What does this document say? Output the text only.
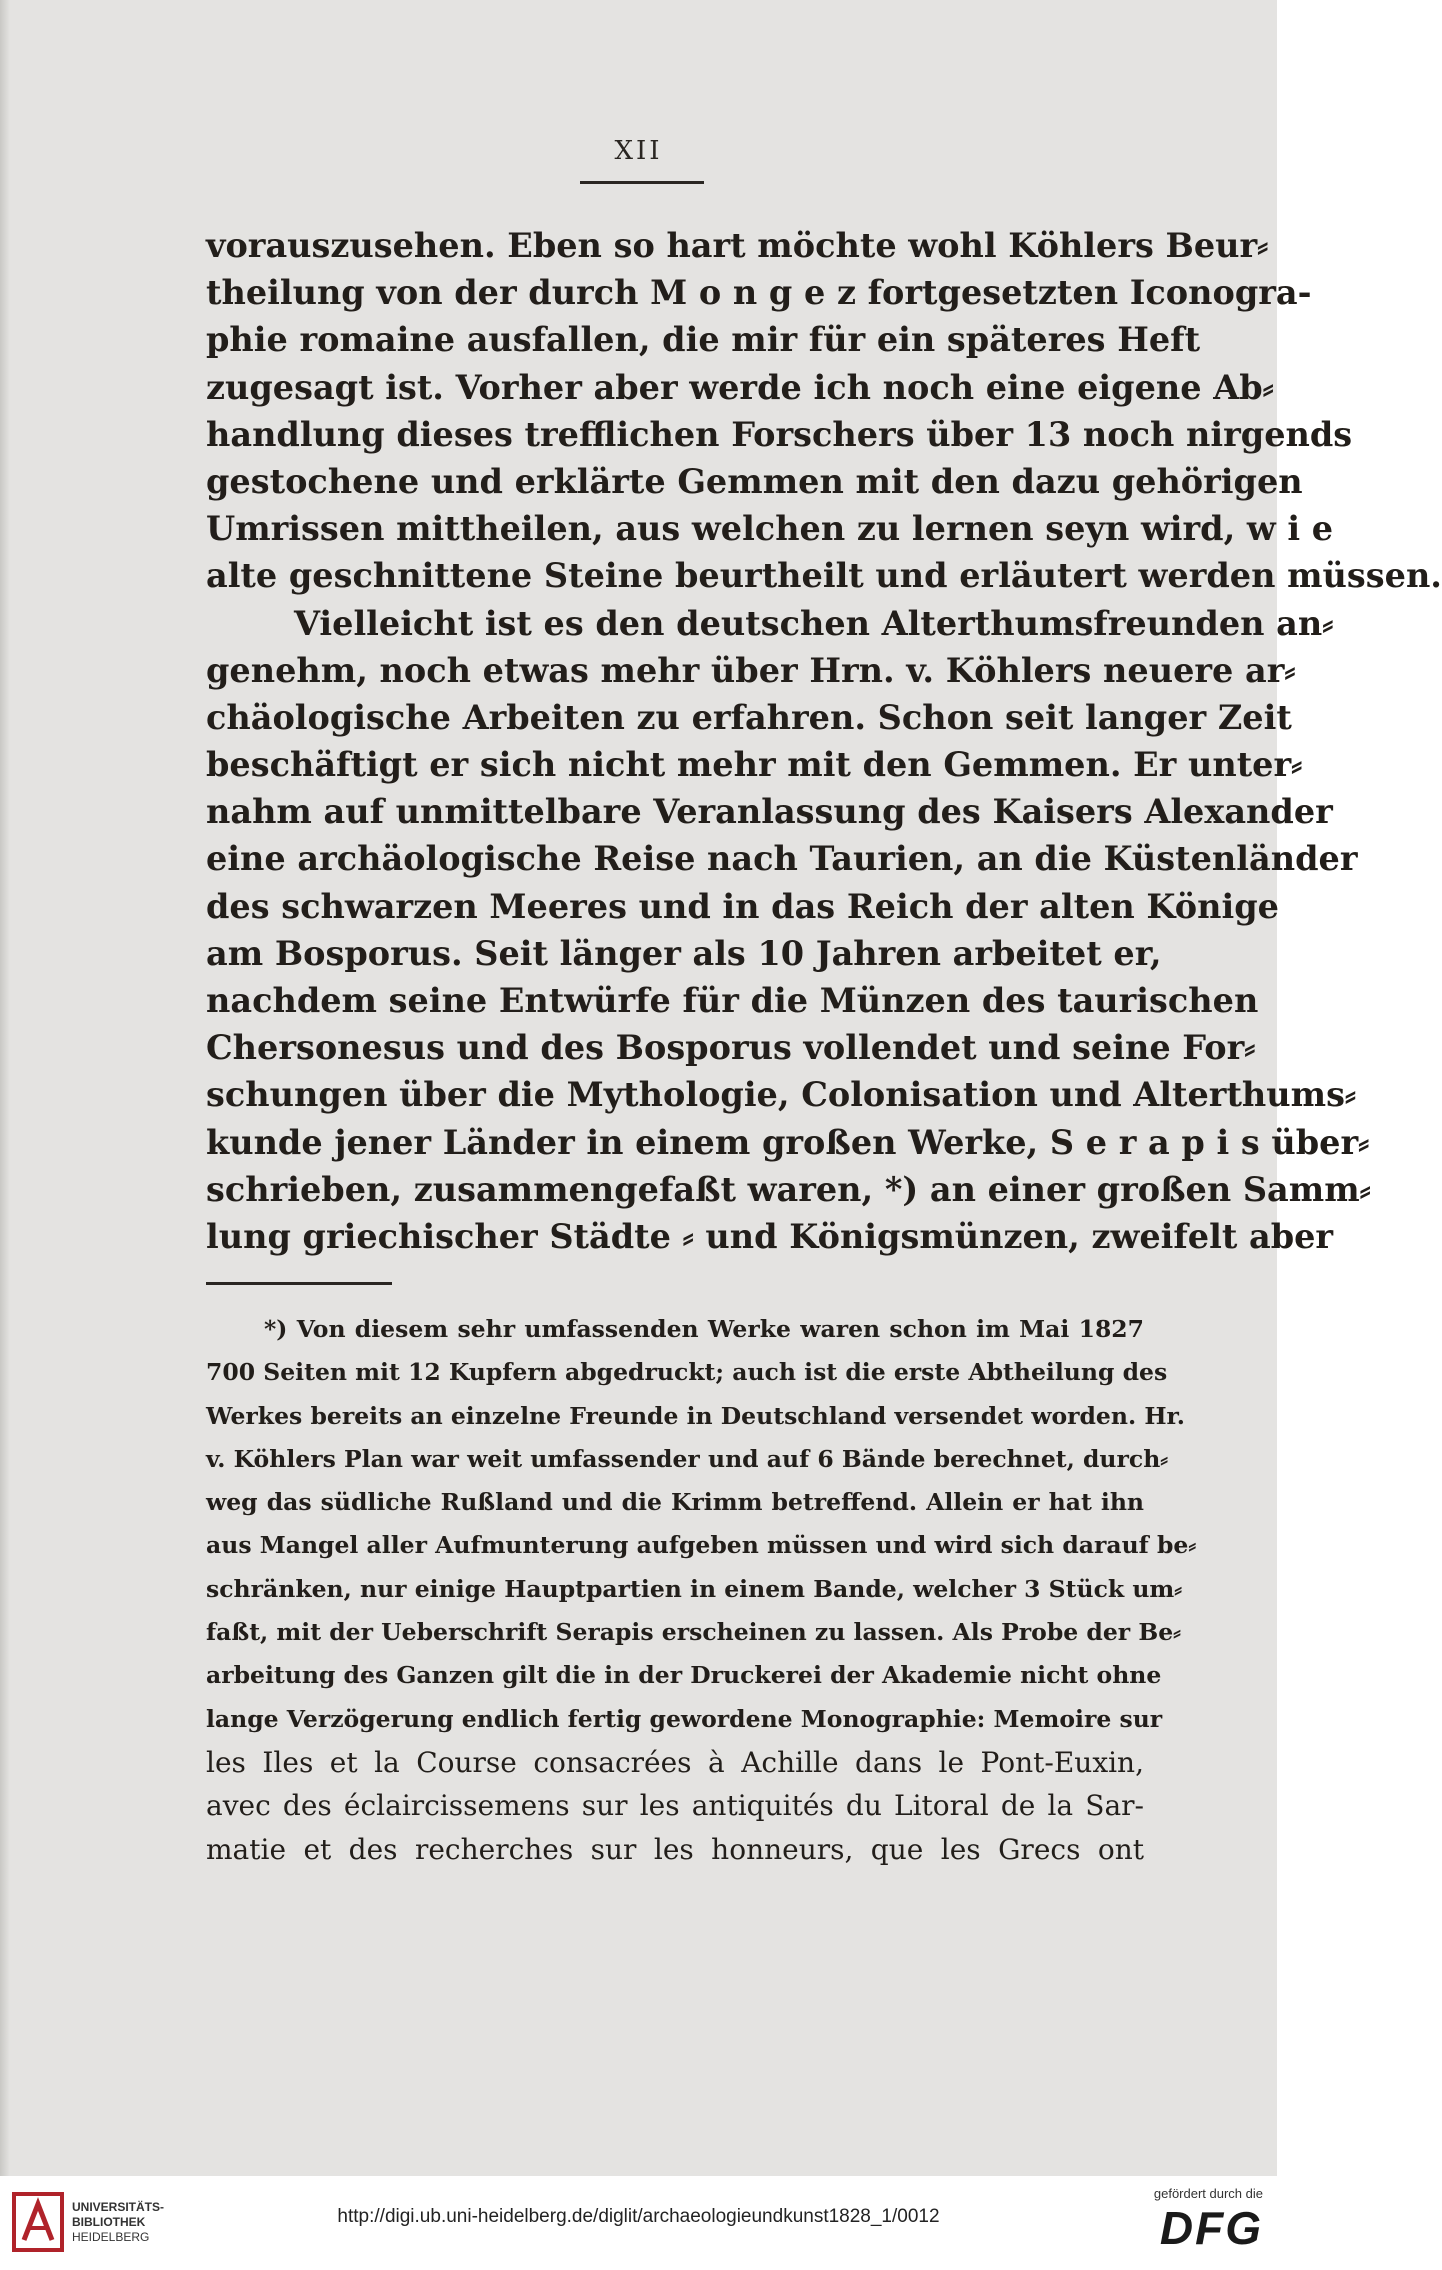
XII
vorauszusehen. Eben so hart möchte wohl Köhlers Beur⸗
theilung von der durch M o n g e z fortgesetzten Iconogra-
phie romaine ausfallen, die mir für ein späteres Heft
zugesagt ist. Vorher aber werde ich noch eine eigene Ab⸗
handlung dieses trefflichen Forschers über 13 noch nirgends
gestochene und erklärte Gemmen mit den dazu gehörigen
Umrissen mittheilen, aus welchen zu lernen seyn wird, w i e
alte geschnittene Steine beurtheilt und erläutert werden müssen.
Vielleicht ist es den deutschen Alterthumsfreunden an⸗
genehm, noch etwas mehr über Hrn. v. Köhlers neuere ar⸗
chäologische Arbeiten zu erfahren. Schon seit langer Zeit
beschäftigt er sich nicht mehr mit den Gemmen. Er unter⸗
nahm auf unmittelbare Veranlassung des Kaisers Alexander
eine archäologische Reise nach Taurien, an die Küstenländer
des schwarzen Meeres und in das Reich der alten Könige
am Bosporus. Seit länger als 10 Jahren arbeitet er,
nachdem seine Entwürfe für die Münzen des taurischen
Chersonesus und des Bosporus vollendet und seine For⸗
schungen über die Mythologie, Colonisation und Alterthums⸗
kunde jener Länder in einem großen Werke, S e r a p i s über⸗
schrieben, zusammengefaßt waren, *) an einer großen Samm⸗
lung griechischer Städte ⸗ und Königsmünzen, zweifelt aber
*) Von diesem sehr umfassenden Werke waren schon im Mai 1827
700 Seiten mit 12 Kupfern abgedruckt; auch ist die erste Abtheilung des
Werkes bereits an einzelne Freunde in Deutschland versendet worden. Hr.
v. Köhlers Plan war weit umfassender und auf 6 Bände berechnet, durch⸗
weg das südliche Rußland und die Krimm betreffend. Allein er hat ihn
aus Mangel aller Aufmunterung aufgeben müssen und wird sich darauf be⸗
schränken, nur einige Hauptpartien in einem Bande, welcher 3 Stück um⸗
faßt, mit der Ueberschrift Serapis erscheinen zu lassen. Als Probe der Be⸗
arbeitung des Ganzen gilt die in der Druckerei der Akademie nicht ohne
lange Verzögerung endlich fertig gewordene Monographie: Memoire sur
les Iles et la Course consacrées à Achille dans le Pont-Euxin,
avec des éclaircissemens sur les antiquités du Litoral de la Sar-
matie et des recherches sur les honneurs, que les Grecs ont
UNIVERSITÄTS-
BIBLIOTHEK
HEIDELBERG
http://digi.ub.uni-heidelberg.de/diglit/archaeologieundkunst1828_1/0012
gefördert durch die
DFG
